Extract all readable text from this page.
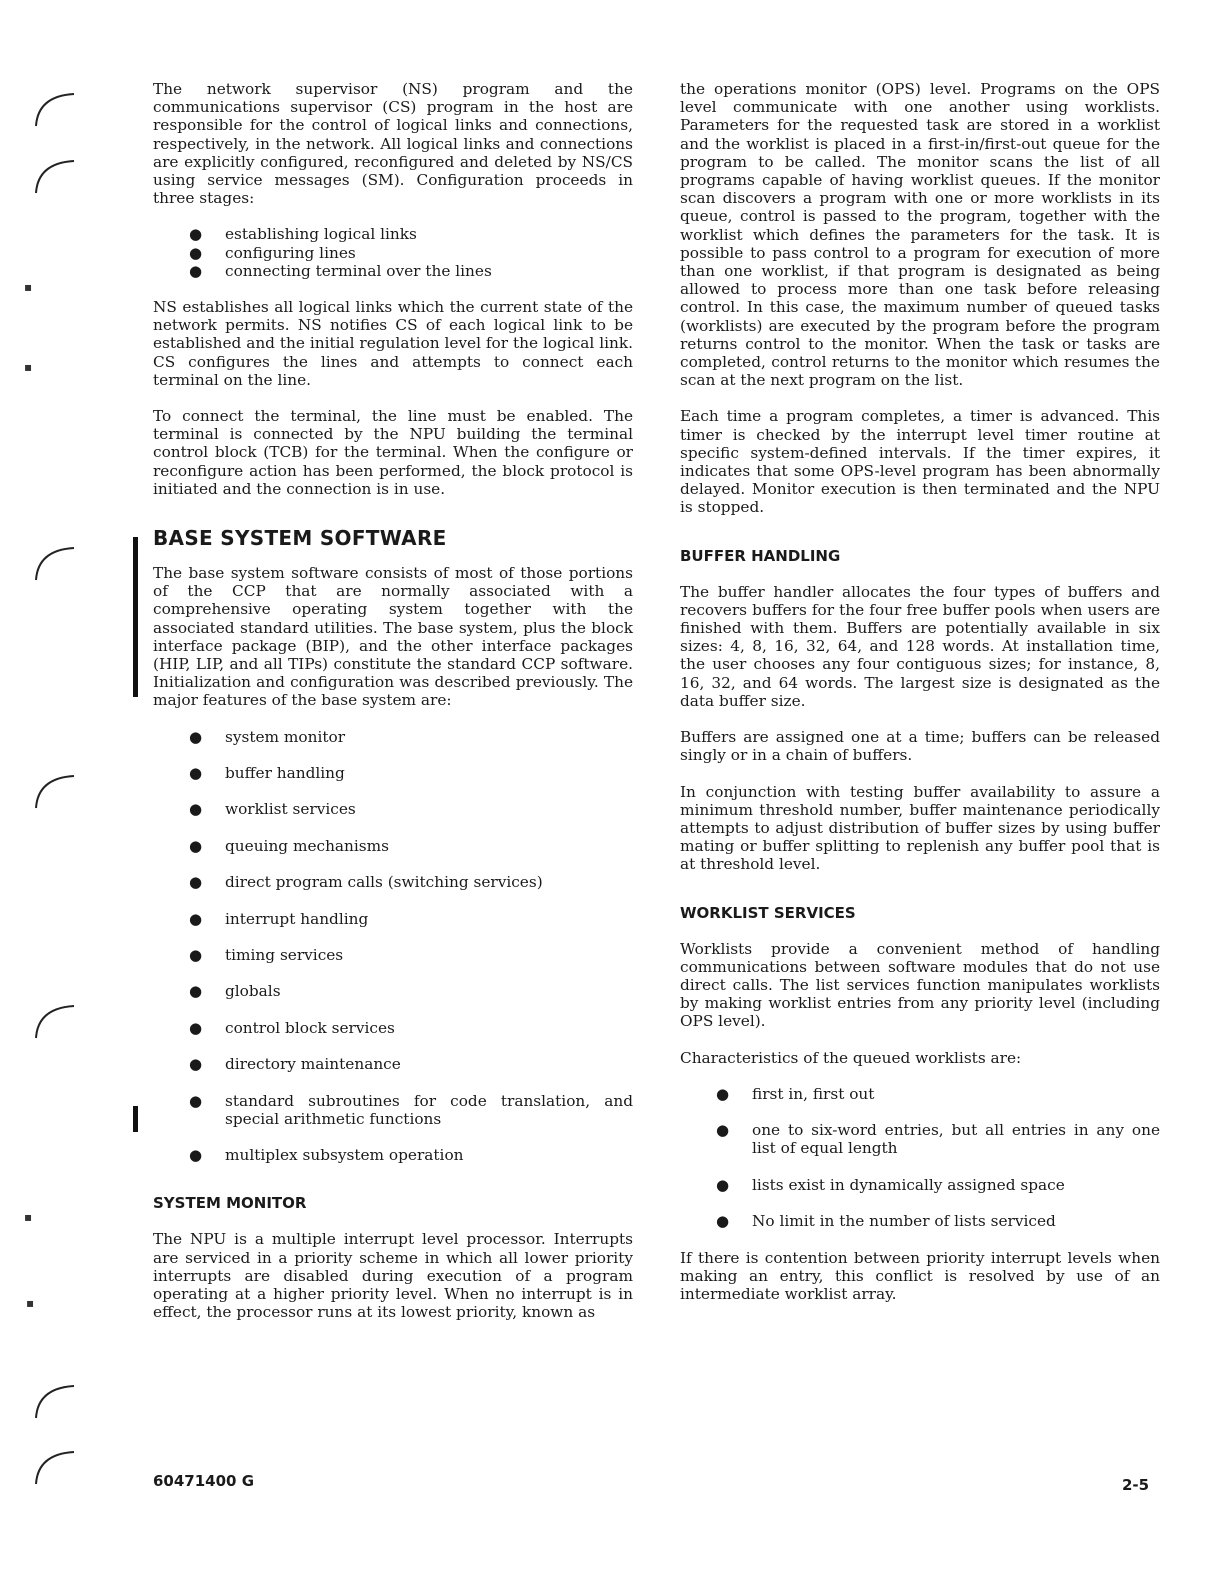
▪
▪
▪
▪

The network supervisor (NS) program and the communications supervisor (CS) program in the host are responsible for the control of logical links and connections, respectively, in the network. All logical links and connections are explicitly configured, reconfigured and deleted by NS/CS using service messages (SM). Configuration proceeds in three stages:

● establishing logical links
● configuring lines
● connecting terminal over the lines

NS establishes all logical links which the current state of the network permits. NS notifies CS of each logical link to be established and the initial regulation level for the logical link. CS configures the lines and attempts to connect each terminal on the line.

To connect the terminal, the line must be enabled. The terminal is connected by the NPU building the terminal control block (TCB) for the terminal. When the configure or reconfigure action has been performed, the block protocol is initiated and the connection is in use.

BASE SYSTEM SOFTWARE

The base system software consists of most of those portions of the CCP that are normally associated with a comprehensive operating system together with the associated standard utilities. The base system, plus the block interface package (BIP), and the other interface packages (HIP, LIP, and all TIPs) constitute the standard CCP software. Initialization and configuration was described previously. The major features of the base system are:

● system monitor
● buffer handling
● worklist services
● queuing mechanisms
● direct program calls (switching services)
● interrupt handling
● timing services
● globals
● control block services
● directory maintenance
● standard subroutines for code translation, and special arithmetic functions
● multiplex subsystem operation
SYSTEM MONITOR

The NPU is a multiple interrupt level processor. Interrupts are serviced in a priority scheme in which all lower priority interrupts are disabled during execution of a program operating at a higher priority level. When no interrupt is in effect, the processor runs at its lowest priority, known as

the operations monitor (OPS) level. Programs on the OPS level communicate with one another using worklists. Parameters for the requested task are stored in a worklist and the worklist is placed in a first-in/first-out queue for the program to be called. The monitor scans the list of all programs capable of having worklist queues. If the monitor scan discovers a program with one or more worklists in its queue, control is passed to the program, together with the worklist which defines the parameters for the task. It is possible to pass control to a program for execution of more than one worklist, if that program is designated as being allowed to process more than one task before releasing control. In this case, the maximum number of queued tasks (worklists) are executed by the program before the program returns control to the monitor. When the task or tasks are completed, control returns to the monitor which resumes the scan at the next program on the list.

Each time a program completes, a timer is advanced. This timer is checked by the interrupt level timer routine at specific system-defined intervals. If the timer expires, it indicates that some OPS-level program has been abnormally delayed. Monitor execution is then terminated and the NPU is stopped.

BUFFER HANDLING

The buffer handler allocates the four types of buffers and recovers buffers for the four free buffer pools when users are finished with them. Buffers are potentially available in six sizes: 4, 8, 16, 32, 64, and 128 words. At installation time, the user chooses any four contiguous sizes; for instance, 8, 16, 32, and 64 words. The largest size is designated as the data buffer size.

Buffers are assigned one at a time; buffers can be released singly or in a chain of buffers.

In conjunction with testing buffer availability to assure a minimum threshold number, buffer maintenance periodically attempts to adjust distribution of buffer sizes by using buffer mating or buffer splitting to replenish any buffer pool that is at threshold level.

WORKLIST SERVICES

Worklists provide a convenient method of handling communications between software modules that do not use direct calls. The list services function manipulates worklists by making worklist entries from any priority level (including OPS level).

Characteristics of the queued worklists are:

● first in, first out
● one to six-word entries, but all entries in any one list of equal length
● lists exist in dynamically assigned space
● No limit in the number of lists serviced

If there is contention between priority interrupt levels when making an entry, this conflict is resolved by use of an intermediate worklist array.

60471400 G	2-5
